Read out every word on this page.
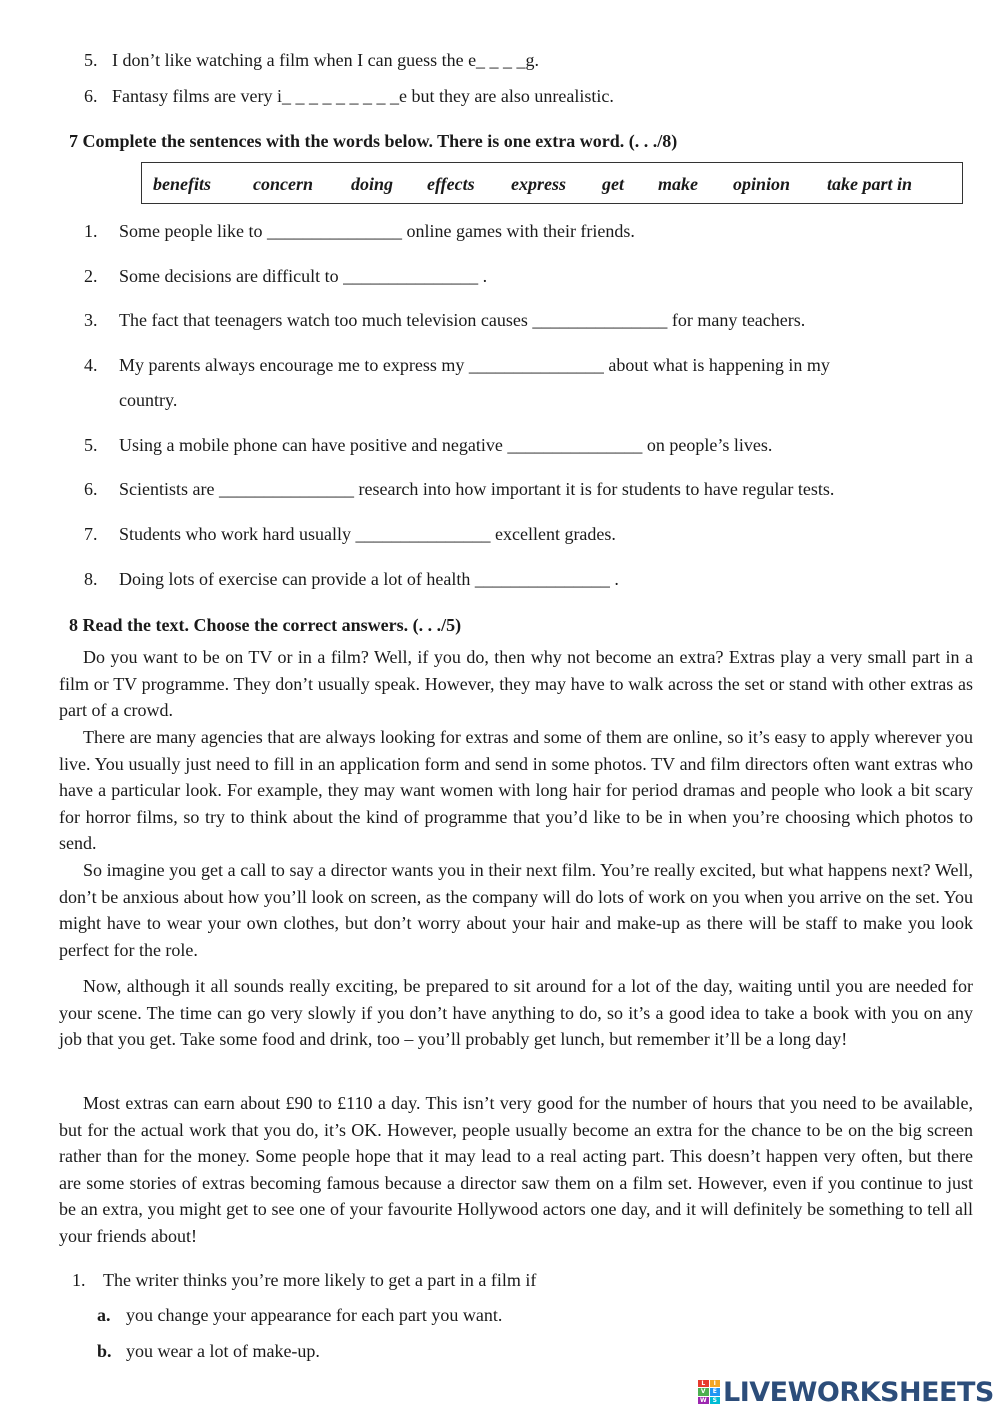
5. I don’t like watching a film when I can guess the e_ _ _ _g.
6. Fantasy films are very i_ _ _ _ _ _ _ _ _e but they are also unrealistic.
7 Complete the sentences with the words below. There is one extra word. (. . ./8)
benefits concern doing effects express get make opinion take part in
1. Some people like to _______________ online games with their friends.
2. Some decisions are difficult to _______________ .
3. The fact that teenagers watch too much television causes _______________ for many teachers.
4. My parents always encourage me to express my _______________ about what is happening in my
country.
5. Using a mobile phone can have positive and negative _______________ on people’s lives.
6. Scientists are _______________ research into how important it is for students to have regular tests.
7. Students who work hard usually _______________ excellent grades.
8. Doing lots of exercise can provide a lot of health _______________ .
8 Read the text. Choose the correct answers. (. . ./5)

Do you want to be on TV or in a film? Well, if you do, then why not become an extra? Extras play a very small part in a film or TV programme. They don’t usually speak. However, they may have to walk across the set or stand with other extras as part of a crowd.

There are many agencies that are always looking for extras and some of them are online, so it’s easy to apply wherever you live. You usually just need to fill in an application form and send in some photos. TV and film directors often want extras who have a particular look. For example, they may want women with long hair for period dramas and people who look a bit scary for horror films, so try to think about the kind of programme that you’d like to be in when you’re choosing which photos to send.

So imagine you get a call to say a director wants you in their next film. You’re really excited, but what happens next? Well, don’t be anxious about how you’ll look on screen, as the company will do lots of work on you when you arrive on the set. You might have to wear your own clothes, but don’t worry about your hair and make-up as there will be staff to make you look perfect for the role.

Now, although it all sounds really exciting, be prepared to sit around for a lot of the day, waiting until you are needed for your scene. The time can go very slowly if you don’t have anything to do, so it’s a good idea to take a book with you on any job that you get. Take some food and drink, too – you’ll probably get lunch, but remember it’ll be a long day!

Most extras can earn about £90 to £110 a day. This isn’t very good for the number of hours that you need to be available, but for the actual work that you do, it’s OK. However, people usually become an extra for the chance to be on the big screen rather than for the money. Some people hope that it may lead to a real acting part. This doesn’t happen very often, but there are some stories of extras becoming famous because a director saw them on a film set. However, even if you continue to just be an extra, you might get to see one of your favourite Hollywood actors one day, and it will definitely be something to tell all your friends about!

1. The writer thinks you’re more likely to get a part in a film if
a. you change your appearance for each part you want.
b. you wear a lot of make-up.
L	I
V	E
W	S LIVEWORKSHEETS
